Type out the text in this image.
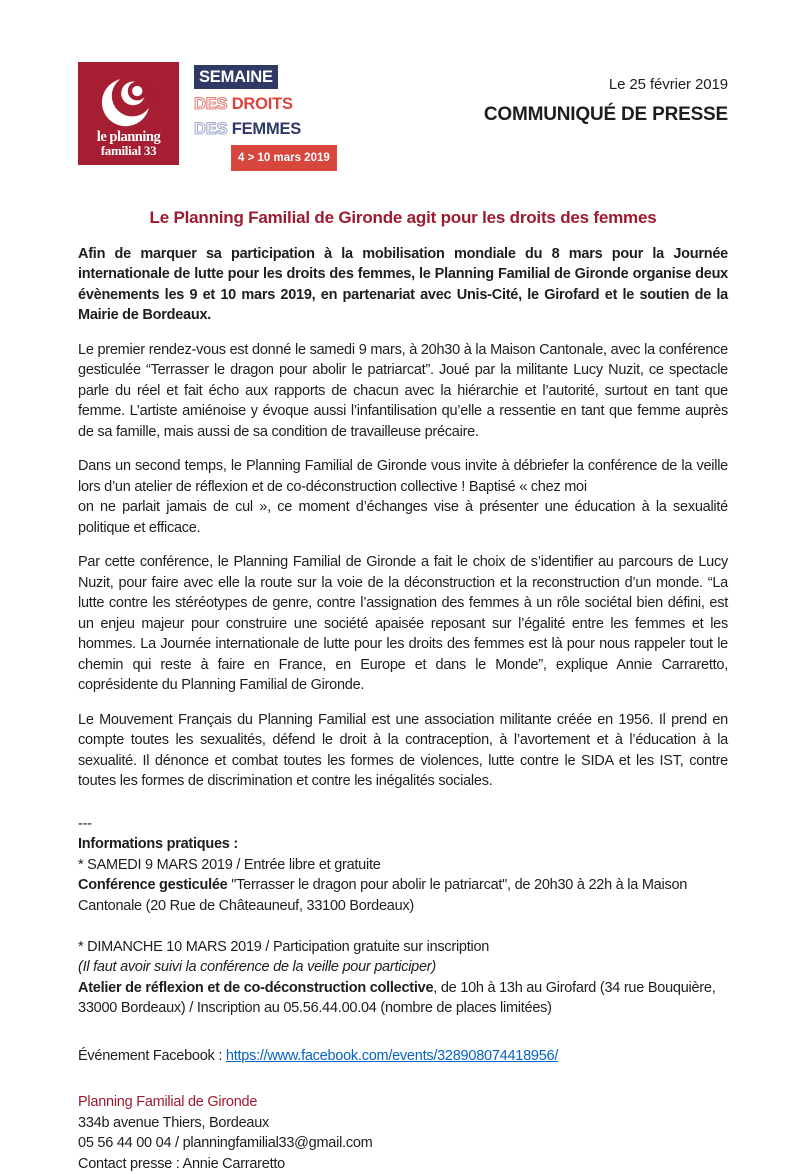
le planning
familial 33
SEMAINE
DES DROITS
DES FEMMES
4 > 10 mars 2019
Le 25 février 2019
COMMUNIQUÉ DE PRESSE
Le Planning Familial de Gironde agit pour les droits des femmes

Afin de marquer sa participation à la mobilisation mondiale du 8 mars pour la Journée internationale de lutte pour les droits des femmes, le Planning Familial de Gironde organise deux évènements les 9 et 10 mars 2019, en partenariat avec Unis-Cité, le Girofard et le soutien de la Mairie de Bordeaux.

Le premier rendez-vous est donné le samedi 9 mars, à 20h30 à la Maison Cantonale, avec la conférence gesticulée “Terrasser le dragon pour abolir le patriarcat”. Joué par la militante Lucy Nuzit, ce spectacle parle du réel et fait écho aux rapports de chacun avec la hiérarchie et l’autorité, surtout en tant que femme. L’artiste amiénoise y évoque aussi l’infantilisation qu’elle a ressentie en tant que femme auprès de sa famille, mais aussi de sa condition de travailleuse précaire.

Dans un second temps, le Planning Familial de Gironde vous invite à débriefer la conférence de la veille lors d’un atelier de réflexion et de co-déconstruction collective ! Baptisé « chez moi
on ne parlait jamais de cul », ce moment d’échanges vise à présenter une éducation à la sexualité politique et efficace.

Par cette conférence, le Planning Familial de Gironde a fait le choix de s’identifier au parcours de Lucy Nuzit, pour faire avec elle la route sur la voie de la déconstruction et la reconstruction d’un monde. “La lutte contre les stéréotypes de genre, contre l’assignation des femmes à un rôle sociétal bien défini, est un enjeu majeur pour construire une société apaisée reposant sur l’égalité entre les femmes et les hommes. La Journée internationale de lutte pour les droits des femmes est là pour nous rappeler tout le chemin qui reste à faire en France, en Europe et dans le Monde”, explique Annie Carraretto, coprésidente du Planning Familial de Gironde.

Le Mouvement Français du Planning Familial est une association militante créée en 1956. Il prend en compte toutes les sexualités, défend le droit à la contraception, à l’avortement et à l’éducation à la sexualité. Il dénonce et combat toutes les formes de violences, lutte contre le SIDA et les IST, contre toutes les formes de discrimination et contre les inégalités sociales.

---
Informations pratiques :
* SAMEDI 9 MARS 2019 / Entrée libre et gratuite
Conférence gesticulée "Terrasser le dragon pour abolir le patriarcat", de 20h30 à 22h à la Maison Cantonale (20 Rue de Châteauneuf, 33100 Bordeaux)
* DIMANCHE 10 MARS 2019 / Participation gratuite sur inscription
(Il faut avoir suivi la conférence de la veille pour participer)
Atelier de réflexion et de co-déconstruction collective, de 10h à 13h au Girofard (34 rue Bouquière, 33000 Bordeaux) / Inscription au 05.56.44.00.04 (nombre de places limitées)
Événement Facebook : https://www.facebook.com/events/328908074418956/
Planning Familial de Gironde
334b avenue Thiers, Bordeaux
05 56 44 00 04 / planningfamilial33@gmail.com
Contact presse : Annie Carraretto
